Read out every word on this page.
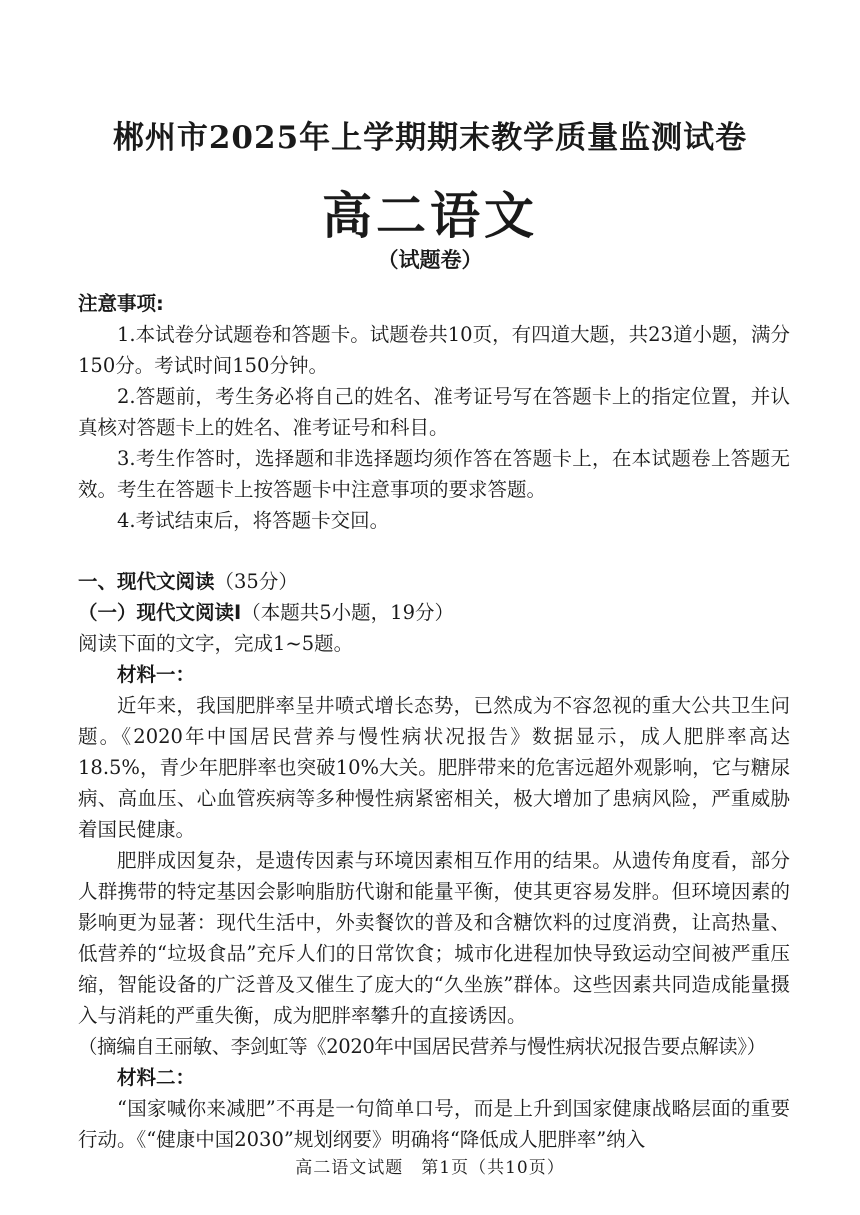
郴州市2025年上学期期末教学质量监测试卷
高二语文
（试题卷）
注意事项:
1.本试卷分试题卷和答题卡。试题卷共10页，有四道大题，共23道小题，满分150分。考试时间150分钟。
2.答题前，考生务必将自己的姓名、准考证号写在答题卡上的指定位置，并认真核对答题卡上的姓名、准考证号和科目。
3.考生作答时，选择题和非选择题均须作答在答题卡上，在本试题卷上答题无效。考生在答题卡上按答题卡中注意事项的要求答题。
4.考试结束后，将答题卡交回。
一、现代文阅读（35分）
（一）现代文阅读Ⅰ（本题共5小题，19分）
阅读下面的文字，完成1~5题。
材料一：
近年来，我国肥胖率呈井喷式增长态势，已然成为不容忽视的重大公共卫生问题。《2020年中国居民营养与慢性病状况报告》数据显示，成人肥胖率高达18.5%，青少年肥胖率也突破10%大关。肥胖带来的危害远超外观影响，它与糖尿病、高血压、心血管疾病等多种慢性病紧密相关，极大增加了患病风险，严重威胁着国民健康。
肥胖成因复杂，是遗传因素与环境因素相互作用的结果。从遗传角度看，部分人群携带的特定基因会影响脂肪代谢和能量平衡，使其更容易发胖。但环境因素的影响更为显著：现代生活中，外卖餐饮的普及和含糖饮料的过度消费，让高热量、低营养的“垃圾食品”充斥人们的日常饮食；城市化进程加快导致运动空间被严重压缩，智能设备的广泛普及又催生了庞大的“久坐族”群体。这些因素共同造成能量摄入与消耗的严重失衡，成为肥胖率攀升的直接诱因。
（摘编自王丽敏、李剑虹等《2020年中国居民营养与慢性病状况报告要点解读》）
材料二：
“国家喊你来减肥”不再是一句简单口号，而是上升到国家健康战略层面的重要行动。《“健康中国2030”规划纲要》明确将“降低成人肥胖率”纳入
高二语文试题　第1页（共10页）
